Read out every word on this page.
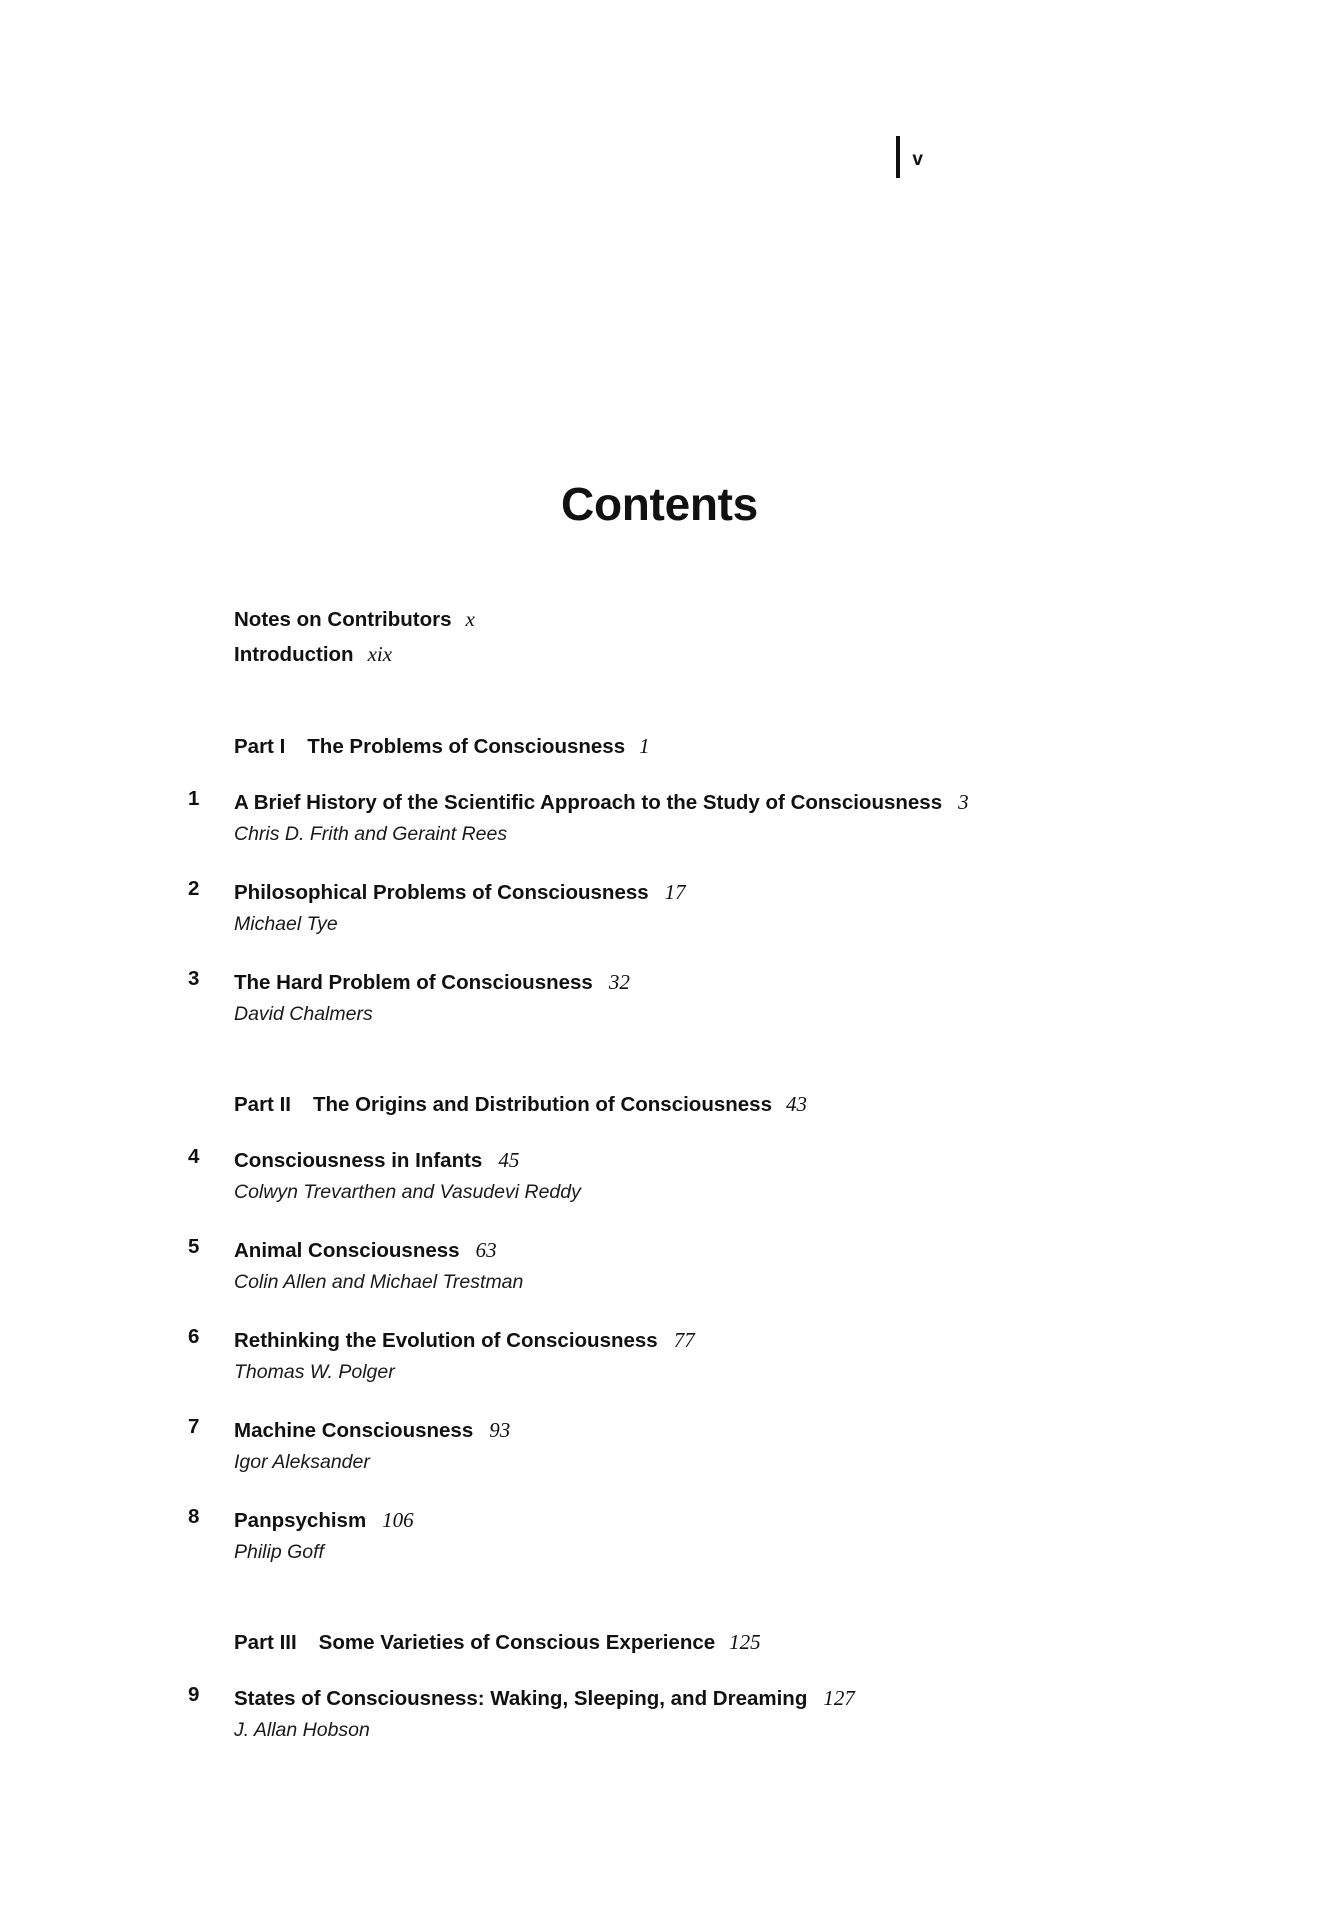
v
Contents
Notes on Contributors x
Introduction xix
Part I The Problems of Consciousness 1
1	A Brief History of the Scientific Approach to the Study of Consciousness 3
Chris D. Frith and Geraint Rees
2	Philosophical Problems of Consciousness 17
Michael Tye
3	The Hard Problem of Consciousness 32
David Chalmers
Part II The Origins and Distribution of Consciousness 43
4	Consciousness in Infants 45
Colwyn Trevarthen and Vasudevi Reddy
5	Animal Consciousness 63
Colin Allen and Michael Trestman
6	Rethinking the Evolution of Consciousness 77
Thomas W. Polger
7	Machine Consciousness 93
Igor Aleksander
8	Panpsychism 106
Philip Goff
Part III Some Varieties of Conscious Experience 125
9	States of Consciousness: Waking, Sleeping, and Dreaming 127
J. Allan Hobson
